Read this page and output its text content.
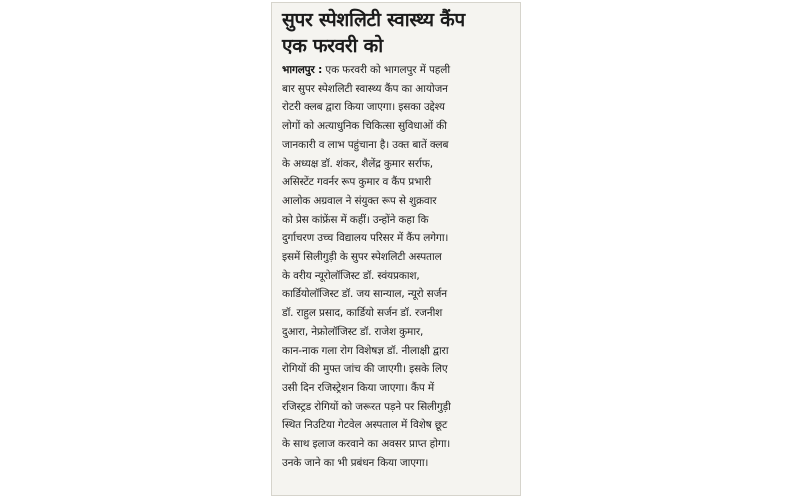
सुपर स्पेशलिटी स्वास्थ्य कैंप
एक फरवरी को

भागलपुर : एक फरवरी को भागलपुर में पहली
बार सुपर स्पेशलिटी स्वास्थ्य कैंप का आयोजन
रोटरी क्लब द्वारा किया जाएगा। इसका उद्देश्य
लोगों को अत्याधुनिक चिकित्सा सुविधाओं की
जानकारी व लाभ पहुंचाना है। उक्त बातें क्लब
के अध्यक्ष डॉ. शंकर, शैलेंद्र कुमार सर्राफ,
असिस्टेंट गवर्नर रूप कुमार व कैंप प्रभारी
आलोक अग्रवाल ने संयुक्त रूप से शुक्रवार
को प्रेस कांफ्रेंस में कहीं। उन्होंने कहा कि
दुर्गाचरण उच्च विद्यालय परिसर में कैंप लगेगा।
इसमें सिलीगुड़ी के सुपर स्पेशलिटी अस्पताल
के वरीय न्यूरोलॉजिस्ट डॉ. स्वंयप्रकाश,
कार्डियोलॉजिस्ट डॉ. जय सान्याल, न्यूरो सर्जन
डॉ. राहुल प्रसाद, कार्डियो सर्जन डॉ. रजनीश
दुआरा, नेफ्रोलॉजिस्ट डॉ. राजेश कुमार,
कान-नाक गला रोग विशेषज्ञ डॉ. नीलाक्षी द्वारा
रोगियों की मुफ्त जांच की जाएगी। इसके लिए
उसी दिन रजिस्ट्रेशन किया जाएगा। कैंप में
रजिस्ट्रड रोगियों को जरूरत पड़ने पर सिलीगुड़ी
स्थित निउटिया गेटवेल अस्पताल में विशेष छूट
के साथ इलाज करवाने का अवसर प्राप्त होगा।
उनके जाने का भी प्रबंधन किया जाएगा।
